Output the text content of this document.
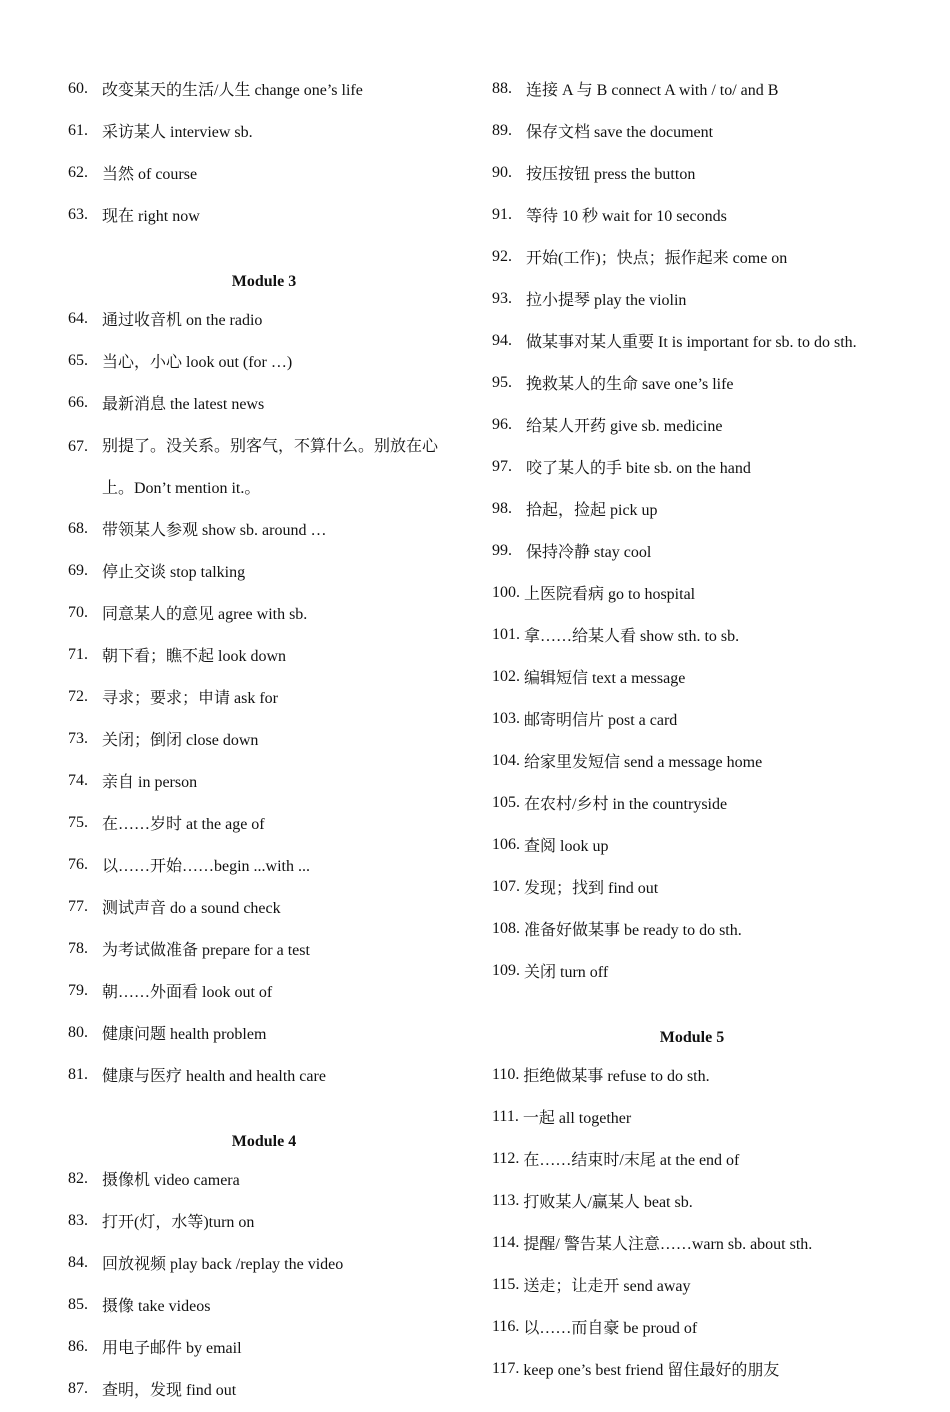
60. 改变某天的生活/人生 change one’s life
61. 采访某人 interview sb.
62. 当然 of course
63. 现在 right now
Module 3
64. 通过收音机 on the radio
65. 当心，小心 look out (for …)
66. 最新消息 the latest news
67. 别提了。没关系。别客气，不算什么。别放在心上。Don’t mention it.。
68. 带领某人参观 show sb. around …
69. 停止交谈 stop talking
70. 同意某人的意见 agree with sb.
71. 朝下看；瞧不起 look down
72. 寻求；要求；申请 ask for
73. 关闭；倒闭 close down
74. 亲自 in person
75. 在……岁时 at the age of
76. 以……开始……begin ...with ...
77. 测试声音 do a sound check
78. 为考试做准备 prepare for a test
79. 朝……外面看 look out of
80. 健康问题 health problem
81. 健康与医疗 health and health care
Module 4
82. 摄像机 video camera
83. 打开(灯，水等)turn on
84. 回放视频 play back /replay the video
85. 摄像 take videos
86. 用电子邮件 by email
87. 查明，发现 find out
88. 连接 A 与 B connect A with / to/ and B
89. 保存文档 save the document
90. 按压按钮 press the button
91. 等待 10 秒 wait for 10 seconds
92. 开始(工作)；快点；振作起来 come on
93. 拉小提琴 play the violin
94. 做某事对某人重要 It is important for sb. to do sth.
95. 挽救某人的生命 save one’s life
96. 给某人开药 give sb. medicine
97. 咬了某人的手 bite sb. on the hand
98. 拾起，捡起 pick up
99. 保持冷静 stay cool
100. 上医院看病 go to hospital
101. 拿……给某人看 show sth. to sb.
102. 编辑短信 text a message
103. 邮寄明信片 post a card
104. 给家里发短信 send a message home
105. 在农村/乡村 in the countryside
106. 查阅 look up
107. 发现；找到 find out
108. 准备好做某事 be ready to do sth.
109. 关闭 turn off
Module 5
110. 拒绝做某事 refuse to do sth.
111. 一起 all together
112. 在……结束时/末尾 at the end of
113. 打败某人/赢某人 beat sb.
114. 提醒/ 警告某人注意……warn sb. about sth.
115. 送走；让走开 send away
116. 以……而自豪 be proud of
117. keep one’s best friend 留住最好的朋友
